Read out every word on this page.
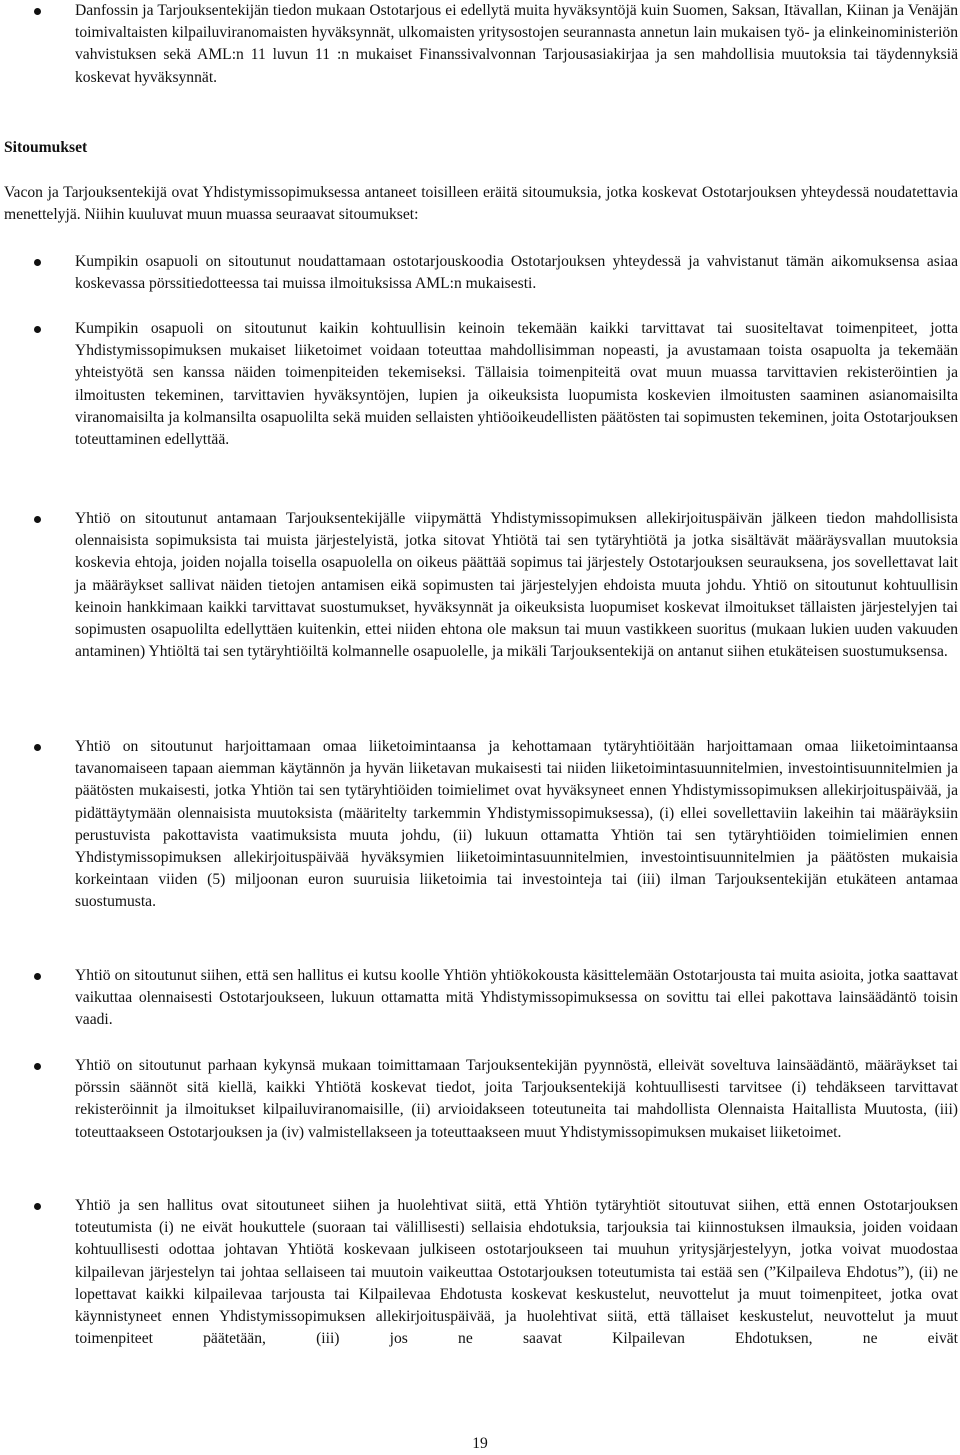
Danfossin ja Tarjouksentekijän tiedon mukaan Ostotarjous ei edellytä muita hyväksyntöjä kuin Suomen, Saksan, Itävallan, Kiinan ja Venäjän toimivaltaisten kilpailuviranomaisten hyväksynnät, ulkomaisten yritysostojen seurannasta annetun lain mukaisen työ- ja elinkeinoministeriön vahvistuksen sekä AML:n 11 luvun 11 :n mukaiset Finanssivalvonnan Tarjousasiakirjaa ja sen mahdollisia muutoksia tai täydennyksiä koskevat hyväksynnät.
Sitoumukset
Vacon ja Tarjouksentekijä ovat Yhdistymissopimuksessa antaneet toisilleen eräitä sitoumuksia, jotka koskevat Ostotarjouksen yhteydessä noudatettavia menettelyjä. Niihin kuuluvat muun muassa seuraavat sitoumukset:
Kumpikin osapuoli on sitoutunut noudattamaan ostotarjouskoodia Ostotarjouksen yhteydessä ja vahvistanut tämän aikomuksensa asiaa koskevassa pörssitiedotteessa tai muissa ilmoituksissa AML:n mukaisesti.
Kumpikin osapuoli on sitoutunut kaikin kohtuullisin keinoin tekemään kaikki tarvittavat tai suositeltavat toimenpiteet, jotta Yhdistymissopimuksen mukaiset liiketoimet voidaan toteuttaa mahdollisimman nopeasti, ja avustamaan toista osapuolta ja tekemään yhteistyötä sen kanssa näiden toimenpiteiden tekemiseksi. Tällaisia toimenpiteitä ovat muun muassa tarvittavien rekisteröintien ja ilmoitusten tekeminen, tarvittavien hyväksyntöjen, lupien ja oikeuksista luopumista koskevien ilmoitusten saaminen asianomaisilta viranomaisilta ja kolmansilta osapuolilta sekä muiden sellaisten yhtiöoikeudellisten päätösten tai sopimusten tekeminen, joita Ostotarjouksen toteuttaminen edellyttää.
Yhtiö on sitoutunut antamaan Tarjouksentekijälle viipymättä Yhdistymissopimuksen allekirjoituspäivän jälkeen tiedon mahdollisista olennaisista sopimuksista tai muista järjestelyistä, jotka sitovat Yhtiötä tai sen tytäryhtiötä ja jotka sisältävät määräysvallan muutoksia koskevia ehtoja, joiden nojalla toisella osapuolella on oikeus päättää sopimus tai järjestely Ostotarjouksen seurauksena, jos sovellettavat lait ja määräykset sallivat näiden tietojen antamisen eikä sopimusten tai järjestelyjen ehdoista muuta johdu. Yhtiö on sitoutunut kohtuullisin keinoin hankkimaan kaikki tarvittavat suostumukset, hyväksynnät ja oikeuksista luopumiset koskevat ilmoitukset tällaisten järjestelyjen tai sopimusten osapuolilta edellyttäen kuitenkin, ettei niiden ehtona ole maksun tai muun vastikkeen suoritus (mukaan lukien uuden vakuuden antaminen) Yhtiöltä tai sen tytäryhtiöiltä kolmannelle osapuolelle, ja mikäli Tarjouksentekijä on antanut siihen etukäteisen suostumuksensa.
Yhtiö on sitoutunut harjoittamaan omaa liiketoimintaansa ja kehottamaan tytäryhtiöitään harjoittamaan omaa liiketoimintaansa tavanomaiseen tapaan aiemman käytännön ja hyvän liiketavan mukaisesti tai niiden liiketoimintasuunnitelmien, investointisuunnitelmien ja päätösten mukaisesti, jotka Yhtiön tai sen tytäryhtiöiden toimielimet ovat hyväksyneet ennen Yhdistymissopimuksen allekirjoituspäivää, ja pidättäytymään olennaisista muutoksista (määritelty tarkemmin Yhdistymissopimuksessa), (i) ellei sovellettaviin lakeihin tai määräyksiin perustuvista pakottavista vaatimuksista muuta johdu, (ii) lukuun ottamatta Yhtiön tai sen tytäryhtiöiden toimielimien ennen Yhdistymissopimuksen allekirjoituspäivää hyväksymien liiketoimintasuunnitelmien, investointisuunnitelmien ja päätösten mukaisia korkeintaan viiden (5) miljoonan euron suuruisia liiketoimia tai investointeja tai (iii) ilman Tarjouksentekijän etukäteen antamaa suostumusta.
Yhtiö on sitoutunut siihen, että sen hallitus ei kutsu koolle Yhtiön yhtiökokousta käsittelemään Ostotarjousta tai muita asioita, jotka saattavat vaikuttaa olennaisesti Ostotarjoukseen, lukuun ottamatta mitä Yhdistymissopimuksessa on sovittu tai ellei pakottava lainsäädäntö toisin vaadi.
Yhtiö on sitoutunut parhaan kykynsä mukaan toimittamaan Tarjouksentekijän pyynnöstä, elleivät soveltuva lainsäädäntö, määräykset tai pörssin säännöt sitä kiellä, kaikki Yhtiötä koskevat tiedot, joita Tarjouksentekijä kohtuullisesti tarvitsee (i) tehdäkseen tarvittavat rekisteröinnit ja ilmoitukset kilpailuviranomaisille, (ii) arvioidakseen toteutuneita tai mahdollista Olennaista Haitallista Muutosta, (iii) toteuttaakseen Ostotarjouksen ja (iv) valmistellakseen ja toteuttaakseen muut Yhdistymissopimuksen mukaiset liiketoimet.
Yhtiö ja sen hallitus ovat sitoutuneet siihen ja huolehtivat siitä, että Yhtiön tytäryhtiöt sitoutuvat siihen, että ennen Ostotarjouksen toteutumista (i) ne eivät houkuttele (suoraan tai välillisesti) sellaisia ehdotuksia, tarjouksia tai kiinnostuksen ilmauksia, joiden voidaan kohtuullisesti odottaa johtavan Yhtiötä koskevaan julkiseen ostotarjoukseen tai muuhun yritysjärjestelyyn, jotka voivat muodostaa kilpailevan järjestelyn tai johtaa sellaiseen tai muutoin vaikeuttaa Ostotarjouksen toteutumista tai estää sen (”Kilpaileva Ehdotus”), (ii) ne lopettavat kaikki kilpailevaa tarjousta tai Kilpailevaa Ehdotusta koskevat keskustelut, neuvottelut ja muut toimenpiteet, jotka ovat käynnistyneet ennen Yhdistymissopimuksen allekirjoituspäivää, ja huolehtivat siitä, että tällaiset keskustelut, neuvottelut ja muut toimenpiteet päätetään, (iii) jos ne saavat Kilpailevan Ehdotuksen, ne eivät
19
